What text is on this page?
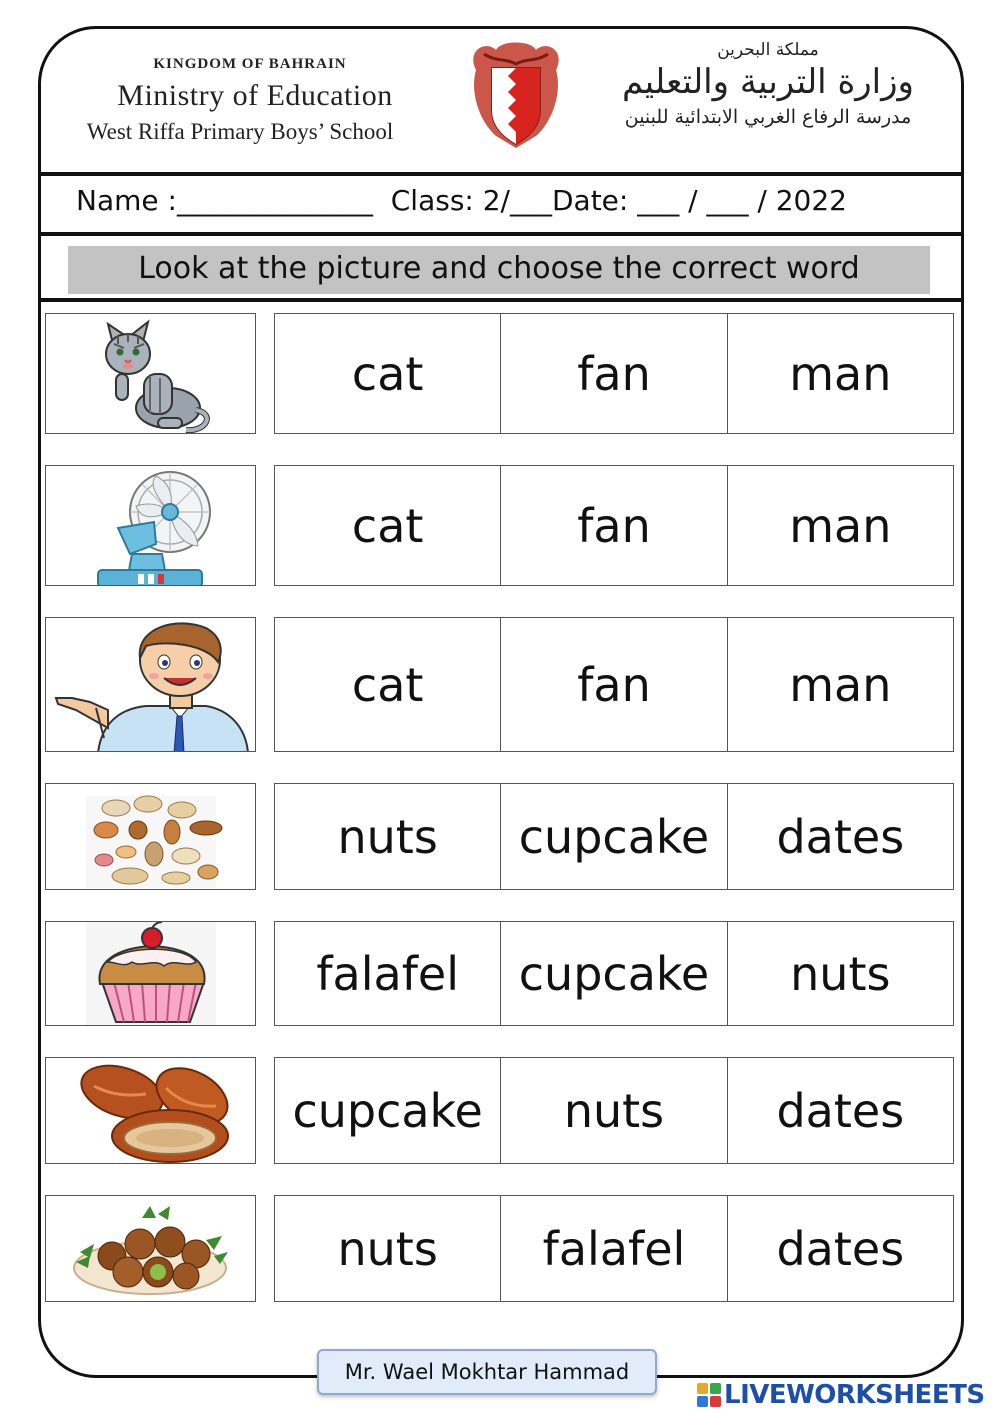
KINGDOM OF BAHRAIN
Ministry of Education
West Riffa Primary Boys’ School
مملكة البحرين
وزارة التربية والتعليم
مدرسة الرفاع الغربي الابتدائية للبنين
Name :______________  Class: 2/___Date: ___ / ___ / 2022
Look at the picture and choose the correct word
cat	fan	man
cat	fan	man
cat	fan	man
nuts	cupcake	dates
falafel	cupcake	nuts
cupcake	nuts	dates
nuts	falafel	dates
Mr. Wael Mokhtar Hammad
LIVEWORKSHEETS
